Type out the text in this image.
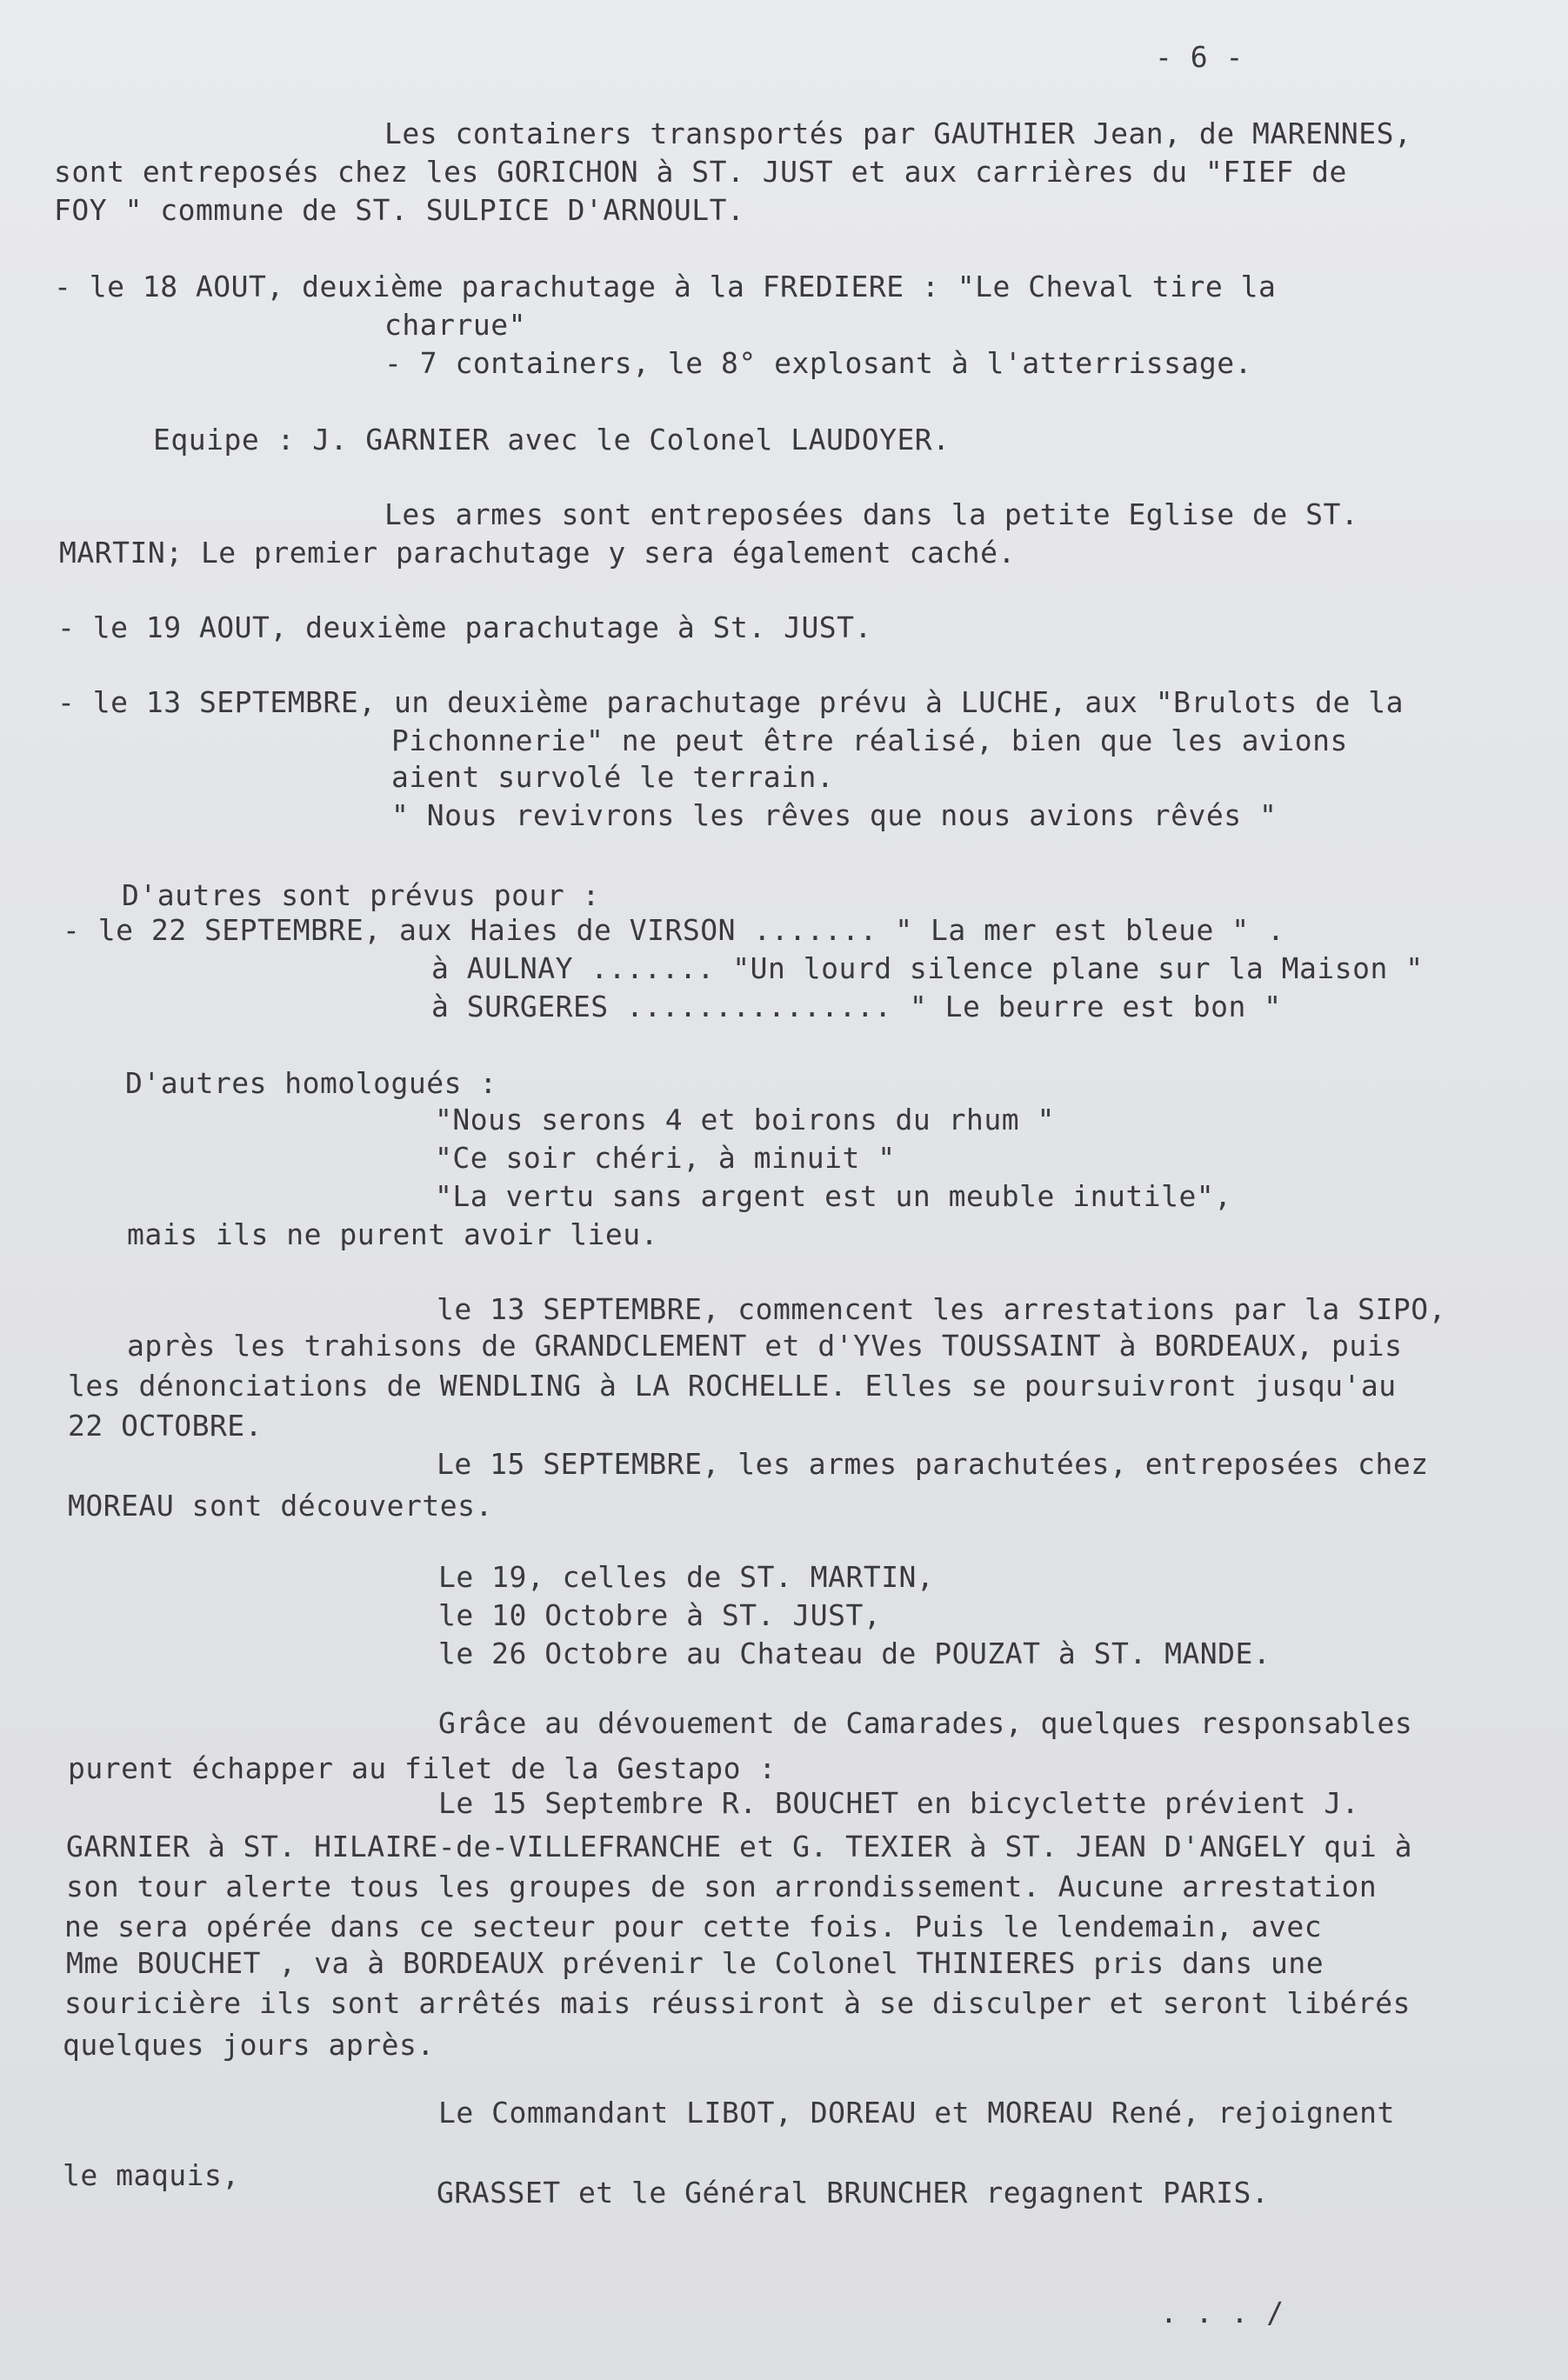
- 6 -
Les containers transportés par GAUTHIER Jean, de MARENNES,
sont entreposés chez les GORICHON à ST. JUST et aux carrières du "FIEF de
FOY " commune de ST. SULPICE D'ARNOULT.
- le 18 AOUT, deuxième parachutage à la FREDIERE : "Le Cheval tire la
charrue"
- 7 containers, le 8° explosant à l'atterrissage.
Equipe : J. GARNIER avec le Colonel LAUDOYER.
Les armes sont entreposées dans la petite Eglise de ST.
MARTIN; Le premier parachutage y sera également caché.
- le 19 AOUT, deuxième parachutage à St. JUST.
- le 13 SEPTEMBRE, un deuxième parachutage prévu à LUCHE, aux "Brulots de la
Pichonnerie" ne peut être réalisé, bien que les avions
aient survolé le terrain.
" Nous revivrons les rêves que nous avions rêvés "
D'autres sont prévus pour :
- le 22 SEPTEMBRE, aux Haies de VIRSON ....... " La mer est bleue " .
à AULNAY ....... "Un lourd silence plane sur la Maison "
à SURGERES ............... " Le beurre est bon "
D'autres homologués :
"Nous serons 4 et boirons du rhum "
"Ce soir chéri, à minuit "
"La vertu sans argent est un meuble inutile",
mais ils ne purent avoir lieu.
le 13 SEPTEMBRE, commencent les arrestations par la SIPO,
après les trahisons de GRANDCLEMENT et d'YVes TOUSSAINT à BORDEAUX, puis
les dénonciations de WENDLING à LA ROCHELLE. Elles se poursuivront jusqu'au
22 OCTOBRE.
Le 15 SEPTEMBRE, les armes parachutées, entreposées chez
MOREAU sont découvertes.
Le 19, celles de ST. MARTIN,
le 10 Octobre à ST. JUST,
le 26 Octobre au Chateau de POUZAT à ST. MANDE.
Grâce au dévouement de Camarades, quelques responsables
purent échapper au filet de la Gestapo :
Le 15 Septembre R. BOUCHET en bicyclette prévient J.
GARNIER à ST. HILAIRE-de-VILLEFRANCHE et G. TEXIER à ST. JEAN D'ANGELY qui à
son tour alerte tous les groupes de son arrondissement. Aucune arrestation
ne sera opérée dans ce secteur pour cette fois. Puis le lendemain, avec
Mme BOUCHET , va à BORDEAUX prévenir le Colonel THINIERES pris dans une
souricière ils sont arrêtés mais réussiront à se disculper et seront libérés
quelques jours après.
Le Commandant LIBOT, DOREAU et MOREAU René, rejoignent
le maquis,
GRASSET et le Général BRUNCHER regagnent PARIS.
. . . /
